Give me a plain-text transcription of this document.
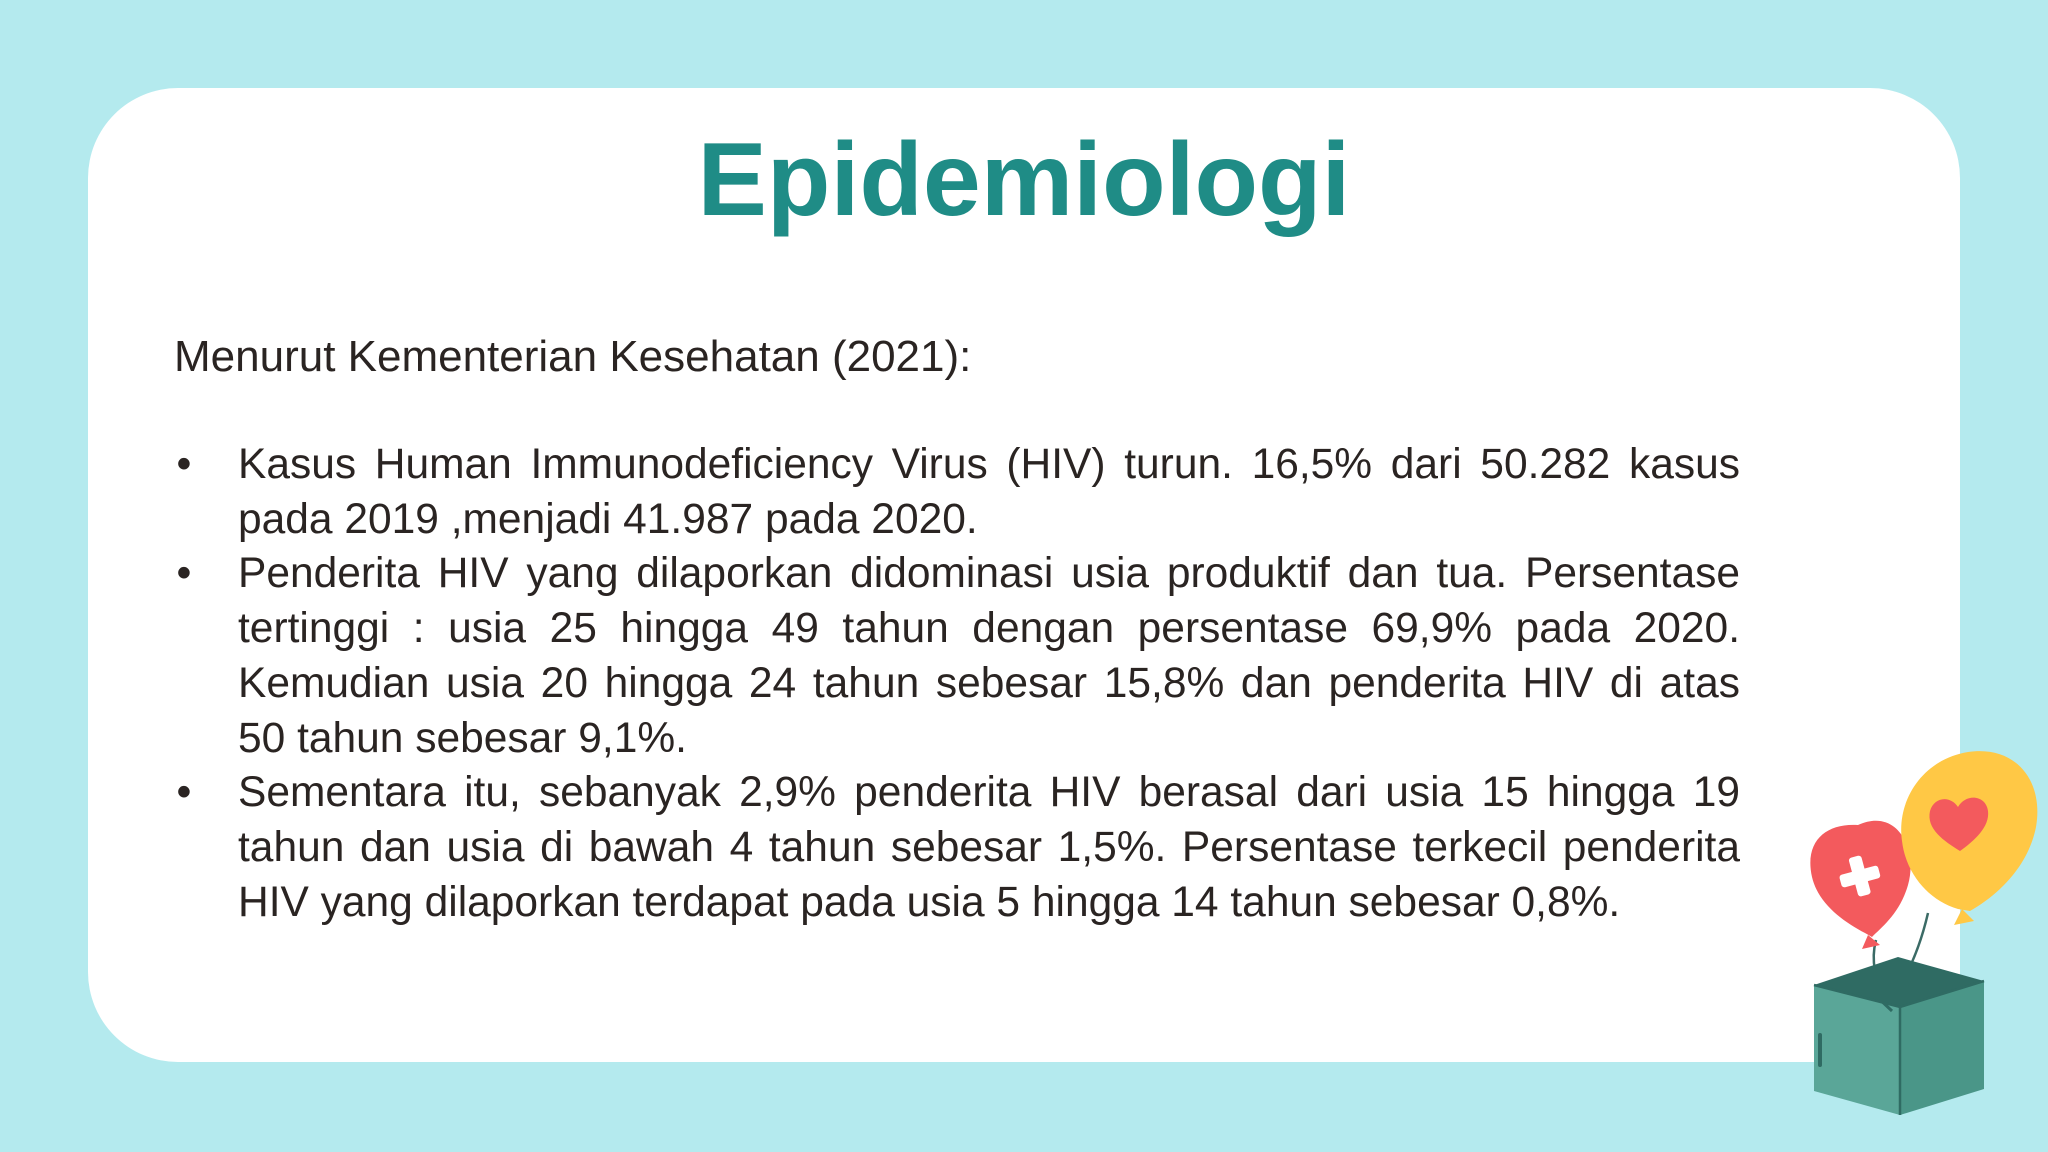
Epidemiologi

Menurut Kementerian Kesehatan (2021):

• Kasus Human Immunodeficiency Virus (HIV) turun. 16,5% dari 50.282 kasus pada 2019 ,menjadi 41.987 pada 2020.
• Penderita HIV yang dilaporkan didominasi usia produktif dan tua. Persentase tertinggi : usia 25 hingga 49 tahun dengan persentase 69,9% pada 2020. Kemudian usia 20 hingga 24 tahun sebesar 15,8% dan penderita HIV di atas 50 tahun sebesar 9,1%.
• Sementara itu, sebanyak 2,9% penderita HIV berasal dari usia 15 hingga 19 tahun dan usia di bawah 4 tahun sebesar 1,5%. Persentase terkecil penderita HIV yang dilaporkan terdapat pada usia 5 hingga 14 tahun sebesar 0,8%.
